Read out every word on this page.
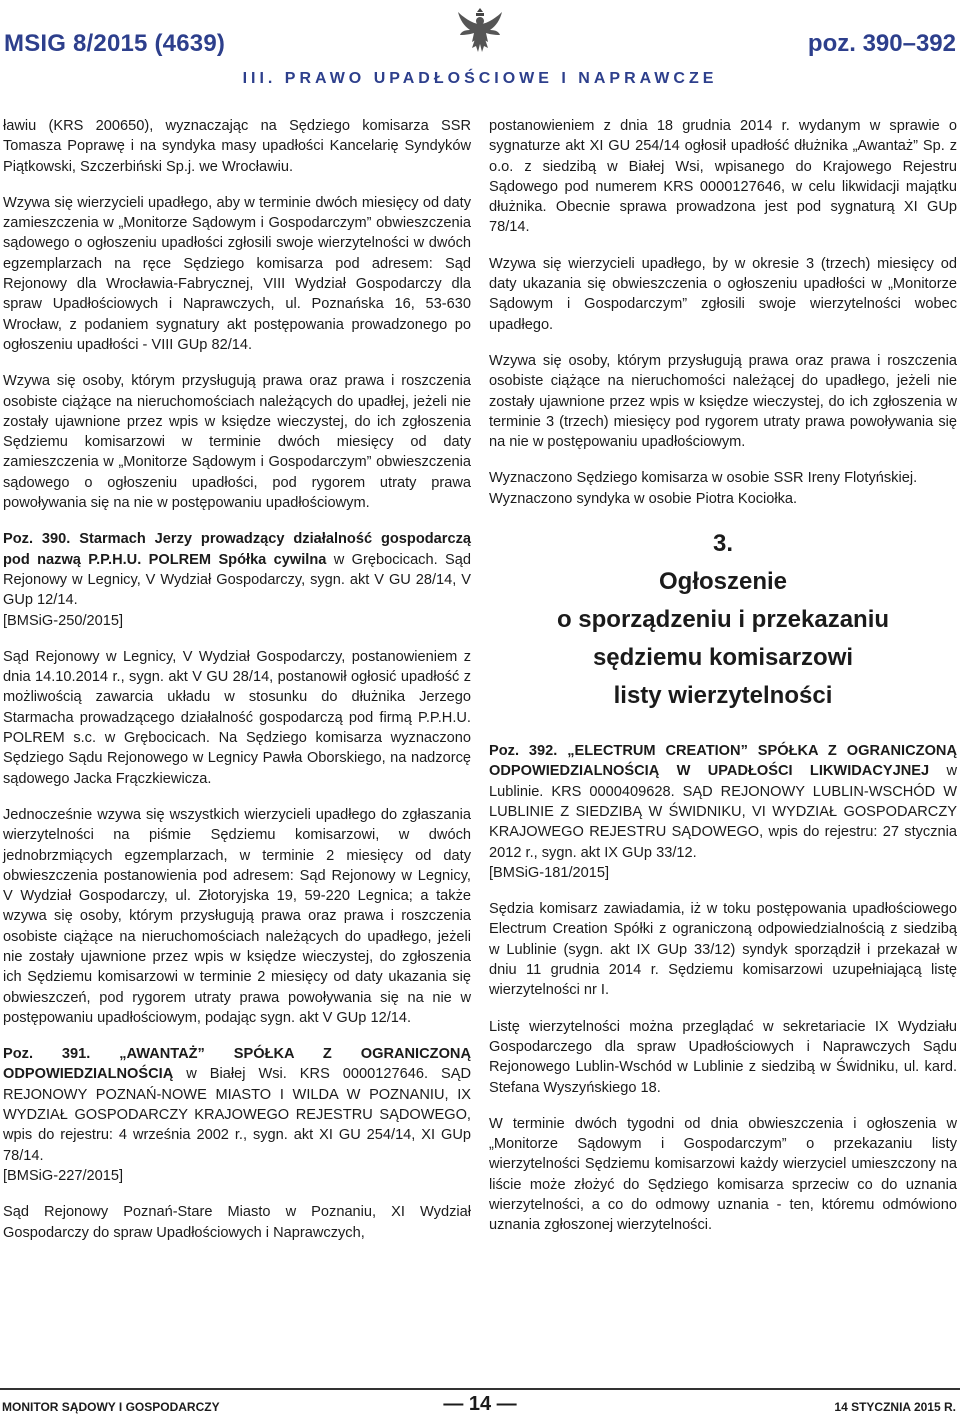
MSIG 8/2015 (4639)	poz. 390–392
III. PRAWO UPADŁOŚCIOWE I NAPRAWCZE

ławiu (KRS 200650), wyznaczając na Sędziego komisarza SSR Tomasza Poprawę i na syndyka masy upadłości Kancelarię Syndyków Piątkowski, Szczerbiński Sp.j. we Wrocławiu.

Wzywa się wierzycieli upadłego, aby w terminie dwóch miesięcy od daty zamieszczenia w „Monitorze Sądowym i Gospodarczym” obwieszczenia sądowego o ogłoszeniu upadłości zgłosili swoje wierzytelności w dwóch egzemplarzach na ręce Sędziego komisarza pod adresem: Sąd Rejonowy dla Wrocławia-Fabrycznej, VIII Wydział Gospodarczy dla spraw Upadłościowych i Naprawczych, ul. Poznańska 16, 53-630 Wrocław, z podaniem sygnatury akt postępowania prowadzonego po ogłoszeniu upadłości - VIII GUp 82/14.

Wzywa się osoby, którym przysługują prawa oraz prawa i roszczenia osobiste ciążące na nieruchomościach należących do upadłej, jeżeli nie zostały ujawnione przez wpis w księdze wieczystej, do ich zgłoszenia Sędziemu komisarzowi w terminie dwóch miesięcy od daty zamieszczenia w „Monitorze Sądowym i Gospodarczym” obwieszczenia sądowego o ogłoszeniu upadłości, pod rygorem utraty prawa powoływania się na nie w postępowaniu upadłościowym.

Poz. 390. Starmach Jerzy prowadzący działalność gospodarczą pod nazwą P.P.H.U. POLREM Spółka cywilna w Grębocicach. Sąd Rejonowy w Legnicy, V Wydział Gospodarczy, sygn. akt V GU 28/14, V GUp 12/14.

[BMSiG-250/2015]

Sąd Rejonowy w Legnicy, V Wydział Gospodarczy, postanowieniem z dnia 14.10.2014 r., sygn. akt V GU 28/14, postanowił ogłosić upadłość z możliwością zawarcia układu w stosunku do dłużnika Jerzego Starmacha prowadzącego działalność gospodarczą pod firmą P.P.H.U. POLREM s.c. w Grębocicach. Na Sędziego komisarza wyznaczono Sędziego Sądu Rejonowego w Legnicy Pawła Oborskiego, na nadzorcę sądowego Jacka Frączkiewicza.

Jednocześnie wzywa się wszystkich wierzycieli upadłego do zgłaszania wierzytelności na piśmie Sędziemu komisarzowi, w dwóch jednobrzmiących egzemplarzach, w terminie 2 miesięcy od daty obwieszczenia postanowienia pod adresem: Sąd Rejonowy w Legnicy, V Wydział Gospodarczy, ul. Złotoryjska 19, 59-220 Legnica; a także wzywa się osoby, którym przysługują prawa oraz prawa i roszczenia osobiste ciążące na nieruchomościach należących do upadłego, jeżeli nie zostały ujawnione przez wpis w księdze wieczystej, do zgłoszenia ich Sędziemu komisarzowi w terminie 2 miesięcy od daty ukazania się obwieszczeń, pod rygorem utraty prawa powoływania się na nie w postępowaniu upadłościowym, podając sygn. akt V GUp 12/14.

Poz. 391. „AWANTAŻ” SPÓŁKA Z OGRANICZONĄ ODPOWIEDZIALNOŚCIĄ w Białej Wsi. KRS 0000127646. SĄD REJONOWY POZNAŃ-NOWE MIASTO I WILDA W POZNANIU, IX WYDZIAŁ GOSPODARCZY KRAJOWEGO REJESTRU SĄDOWEGO, wpis do rejestru: 4 września 2002 r., sygn. akt XI GU 254/14, XI GUp 78/14.

[BMSiG-227/2015]

Sąd Rejonowy Poznań-Stare Miasto w Poznaniu, XI Wydział Gospodarczy do spraw Upadłościowych i Naprawczych,

postanowieniem z dnia 18 grudnia 2014 r. wydanym w sprawie o sygnaturze akt XI GU 254/14 ogłosił upadłość dłużnika „Awantaż” Sp. z o.o. z siedzibą w Białej Wsi, wpisanego do Krajowego Rejestru Sądowego pod numerem KRS 0000127646, w celu likwidacji majątku dłużnika. Obecnie sprawa prowadzona jest pod sygnaturą XI GUp 78/14.

Wzywa się wierzycieli upadłego, by w okresie 3 (trzech) miesięcy od daty ukazania się obwieszczenia o ogłoszeniu upadłości w „Monitorze Sądowym i Gospodarczym” zgłosili swoje wierzytelności wobec upadłego.

Wzywa się osoby, którym przysługują prawa oraz prawa i roszczenia osobiste ciążące na nieruchomości należącej do upadłego, jeżeli nie zostały ujawnione przez wpis w księdze wieczystej, do ich zgłoszenia w terminie 3 (trzech) miesięcy pod rygorem utraty prawa powoływania się na nie w postępowaniu upadłościowym.

Wyznaczono Sędziego komisarza w osobie SSR Ireny Flotyńskiej.

Wyznaczono syndyka w osobie Piotra Kociołka.

3.
Ogłoszenie
o sporządzeniu i przekazaniu
sędziemu komisarzowi
listy wierzytelności

Poz. 392. „ELECTRUM CREATION” SPÓŁKA Z OGRANICZONĄ ODPOWIEDZIALNOŚCIĄ W UPADŁOŚCI LIKWIDACYJNEJ w Lublinie. KRS 0000409628. SĄD REJONOWY LUBLIN-WSCHÓD W LUBLINIE Z SIEDZIBĄ W ŚWIDNIKU, VI WYDZIAŁ GOSPODARCZY KRAJOWEGO REJESTRU SĄDOWEGO, wpis do rejestru: 27 stycznia 2012 r., sygn. akt IX GUp 33/12.

[BMSiG-181/2015]

Sędzia komisarz zawiadamia, iż w toku postępowania upadłościowego Electrum Creation Spółki z ograniczoną odpowiedzialnością z siedzibą w Lublinie (sygn. akt IX GUp 33/12) syndyk sporządził i przekazał w dniu 11 grudnia 2014 r. Sędziemu komisarzowi uzupełniającą listę wierzytelności nr I.

Listę wierzytelności można przeglądać w sekretariacie IX Wydziału Gospodarczego dla spraw Upadłościowych i Naprawczych Sądu Rejonowego Lublin-Wschód w Lublinie z siedzibą w Świdniku, ul. kard. Stefana Wyszyńskiego 18.

W terminie dwóch tygodni od dnia obwieszczenia i ogłoszenia w „Monitorze Sądowym i Gospodarczym” o przekazaniu listy wierzytelności Sędziemu komisarzowi każdy wierzyciel umieszczony na liście może złożyć do Sędziego komisarza sprzeciw co do uznania wierzytelności, a co do odmowy uznania - ten, któremu odmówiono uznania zgłoszonej wierzytelności.

MONITOR SĄDOWY I GOSPODARCZY	— 14 —	14 STYCZNIA 2015 R.
